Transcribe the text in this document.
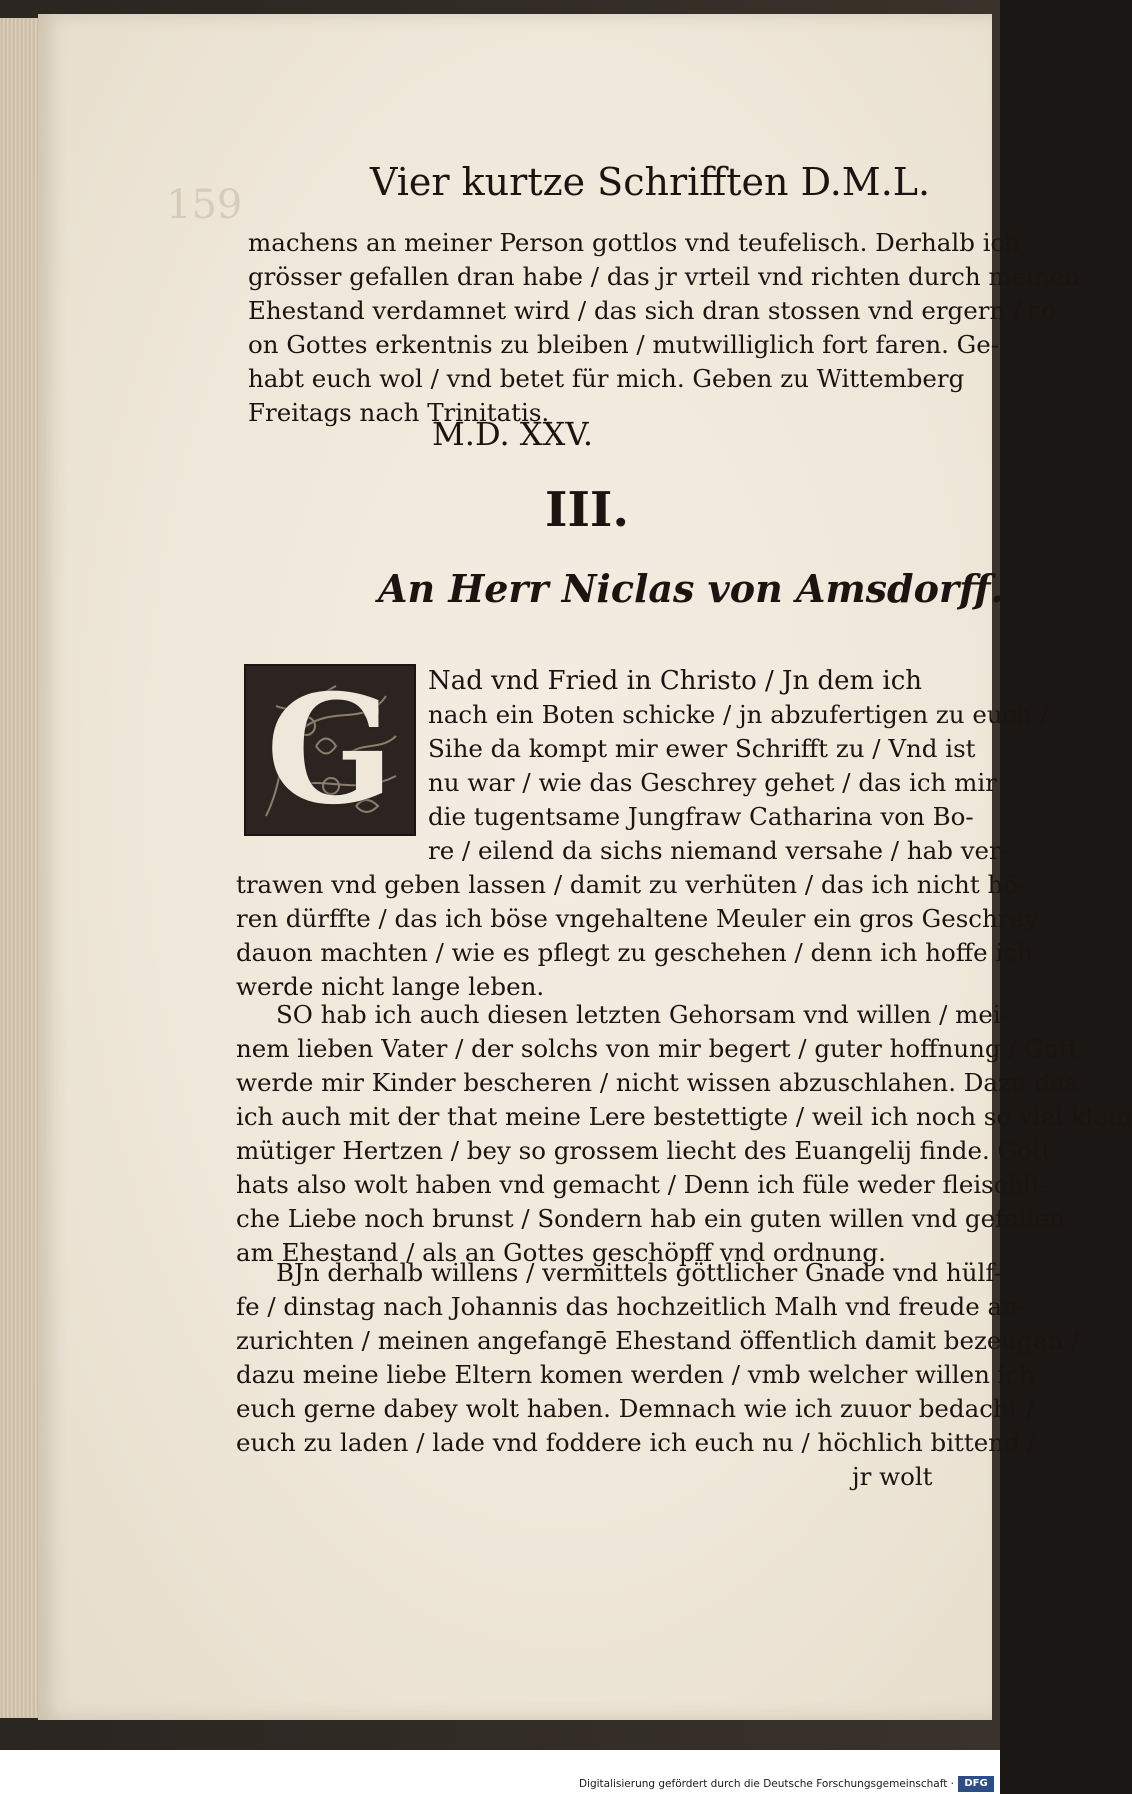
159	Vier kurtze Schrifften D.M.L.
machens an meiner Person gottlos vnd teufelisch. Derhalb ich
grösser gefallen dran habe / das jr vrteil vnd richten durch meinen
Ehestand verdamnet wird / das sich dran stossen vnd ergern / so
on Gottes erkentnis zu bleiben / mutwilliglich fort faren. Ge-
habt euch wol / vnd betet für mich. Geben zu Wittemberg
Freitags nach Trinitatis.
M.D. XXV.
III.
An Herr Niclas von Amsdorff.
G	Nad vnd Fried in Christo / Jn dem ich
nach ein Boten schicke / jn abzufertigen zu euch /
Sihe da kompt mir ewer Schrifft zu / Vnd ist
nu war / wie das Geschrey gehet / das ich mir
die tugentsame Jungfraw Catharina von Bo-
re / eilend da sichs niemand versahe / hab ver-
trawen vnd geben lassen / damit zu verhüten / das ich nicht hö-
ren dürffte / das ich böse vngehaltene Meuler ein gros Geschrey
dauon machten / wie es pflegt zu geschehen / denn ich hoffe ich
werde nicht lange leben.
SO hab ich auch diesen letzten Gehorsam vnd willen / mei-
nem lieben Vater / der solchs von mir begert / guter hoffnung / Gott
werde mir Kinder bescheren / nicht wissen abzuschlahen. Dazu das
ich auch mit der that meine Lere bestettigte / weil ich noch so viel klein
mütiger Hertzen / bey so grossem liecht des Euangelij finde. Gott
hats also wolt haben vnd gemacht / Denn ich füle weder fleischli-
che Liebe noch brunst / Sondern hab ein guten willen vnd gefallen
am Ehestand / als an Gottes geschöpff vnd ordnung.
BJn derhalb willens / vermittels göttlicher Gnade vnd hülf-
fe / dinstag nach Johannis das hochzeitlich Malh vnd freude an-
zurichten / meinen angefangē Ehestand öffentlich damit bezeugen /
dazu meine liebe Eltern komen werden / vmb welcher willen ich
euch gerne dabey wolt haben. Demnach wie ich zuuor bedacht /
euch zu laden / lade vnd foddere ich euch nu / höchlich bittend /
jr wolt
Digitalisierung gefördert durch die Deutsche Forschungsgemeinschaft ·	DFG
